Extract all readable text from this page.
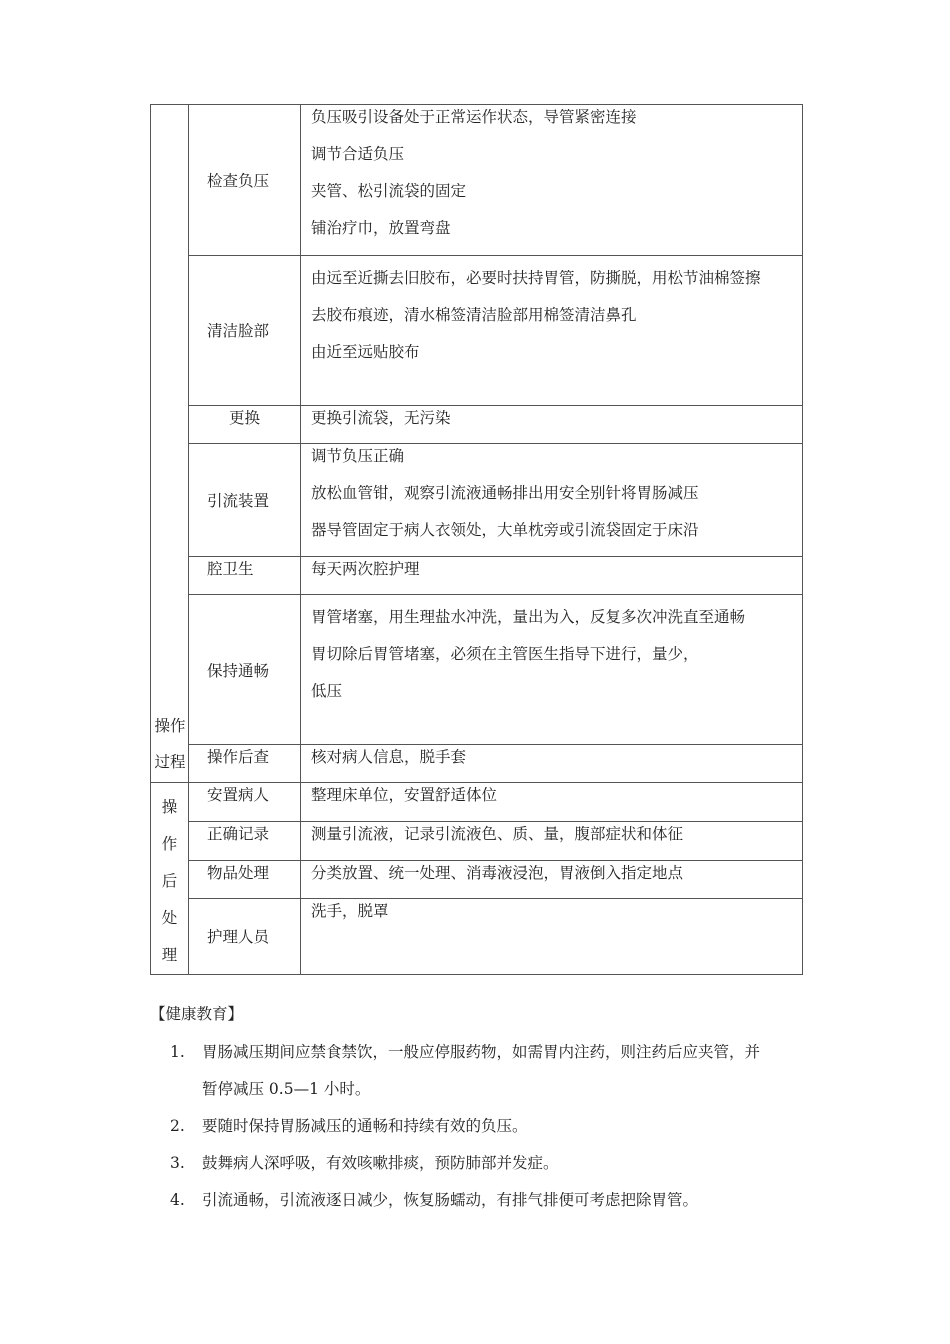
操作
过程	检查负压	负压吸引设备处于正常运作状态，导管紧密连接
调节合适负压
夹管、松引流袋的固定
铺治疗巾，放置弯盘

	清洁脸部	由远至近撕去旧胶布，必要时扶持胃管，防撕脱，用松节油棉签擦
去胶布痕迹，清水棉签清洁脸部用棉签清洁鼻孔
由近至远贴胶布

	更换	更换引流袋，无污染

	引流装置	调节负压正确
放松血管钳，观察引流液通畅排出用安全别针将胃肠减压
器导管固定于病人衣领处，大单枕旁或引流袋固定于床沿

	腔卫生	每天两次腔护理

	保持通畅	胃管堵塞，用生理盐水冲洗，量出为入，反复多次冲洗直至通畅
胃切除后胃管堵塞，必须在主管医生指导下进行，量少，
低压

	操作后查	核对病人信息，脱手套

操
作
后
处
理	安置病人	整理床单位，安置舒适体位

	正确记录	测量引流液，记录引流液色、质、量，腹部症状和体征

	物品处理	分类放置、统一处理、消毒液浸泡，胃液倒入指定地点

	护理人员	洗手，脱罩
【健康教育】
1. 胃肠减压期间应禁食禁饮，一般应停服药物，如需胃内注药，则注药后应夹管，并
暂停减压 0.5—1 小时。
2. 要随时保持胃肠减压的通畅和持续有效的负压。
3. 鼓舞病人深呼吸，有效咳嗽排痰，预防肺部并发症。
4. 引流通畅，引流液逐日减少，恢复肠蠕动，有排气排便可考虑把除胃管。
